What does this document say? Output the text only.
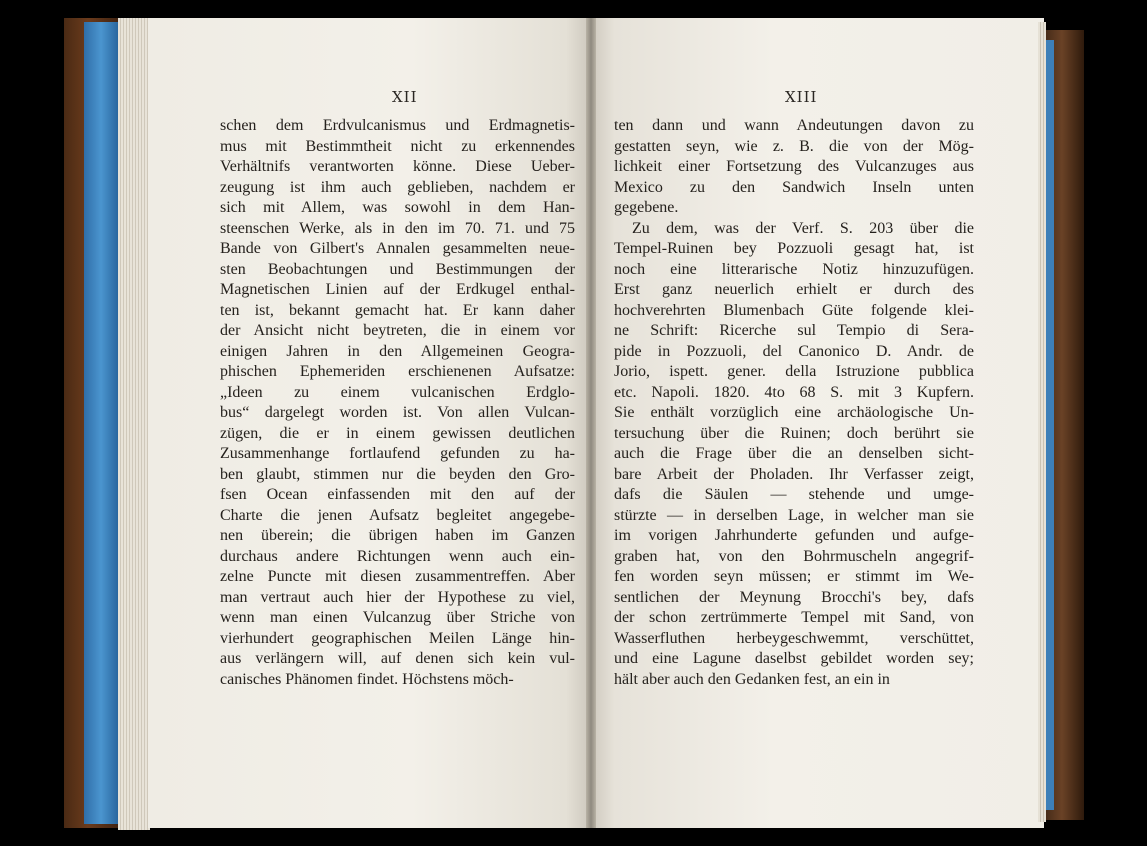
XII	XIII
schen dem Erdvulcanismus und Erdmagnetis-
mus mit Bestimmtheit nicht zu erkennendes
Verhältnifs verantworten könne. Diese Ueber-
zeugung ist ihm auch geblieben, nachdem er
sich mit Allem, was sowohl in dem Han-
steenschen Werke, als in den im 70. 71. und 75
Bande von Gilbert's Annalen gesammelten neue-
sten Beobachtungen und Bestimmungen der
Magnetischen Linien auf der Erdkugel enthal-
ten ist, bekannt gemacht hat. Er kann daher
der Ansicht nicht beytreten, die in einem vor
einigen Jahren in den Allgemeinen Geogra-
phischen Ephemeriden erschienenen Aufsatze:
„Ideen zu einem vulcanischen Erdglo-
bus“ dargelegt worden ist. Von allen Vulcan-
zügen, die er in einem gewissen deutlichen
Zusammenhange fortlaufend gefunden zu ha-
ben glaubt, stimmen nur die beyden den Gro-
fsen Ocean einfassenden mit den auf der
Charte die jenen Aufsatz begleitet angegebe-
nen überein; die übrigen haben im Ganzen
durchaus andere Richtungen wenn auch ein-
zelne Puncte mit diesen zusammentreffen. Aber
man vertraut auch hier der Hypothese zu viel,
wenn man einen Vulcanzug über Striche von
vierhundert geographischen Meilen Länge hin-
aus verlängern will, auf denen sich kein vul-
canisches Phänomen findet. Höchstens möch-
ten dann und wann Andeutungen davon zu
gestatten seyn, wie z. B. die von der Mög-
lichkeit einer Fortsetzung des Vulcanzuges aus
Mexico zu den Sandwich Inseln unten
gegebene.
Zu dem, was der Verf. S. 203 über die
Tempel-Ruinen bey Pozzuoli gesagt hat, ist
noch eine litterarische Notiz hinzuzufügen.
Erst ganz neuerlich erhielt er durch des
hochverehrten Blumenbach Güte folgende klei-
ne Schrift: Ricerche sul Tempio di Sera-
pide in Pozzuoli, del Canonico D. Andr. de
Jorio, ispett. gener. della Istruzione pubblica
etc. Napoli. 1820. 4to 68 S. mit 3 Kupfern.
Sie enthält vorzüglich eine archäologische Un-
tersuchung über die Ruinen; doch berührt sie
auch die Frage über die an denselben sicht-
bare Arbeit der Pholaden. Ihr Verfasser zeigt,
dafs die Säulen — stehende und umge-
stürzte — in derselben Lage, in welcher man sie
im vorigen Jahrhunderte gefunden und aufge-
graben hat, von den Bohrmuscheln angegrif-
fen worden seyn müssen; er stimmt im We-
sentlichen der Meynung Brocchi's bey, dafs
der schon zertrümmerte Tempel mit Sand, von
Wasserfluthen herbeygeschwemmt, verschüttet,
und eine Lagune daselbst gebildet worden sey;
hält aber auch den Gedanken fest, an ein in
